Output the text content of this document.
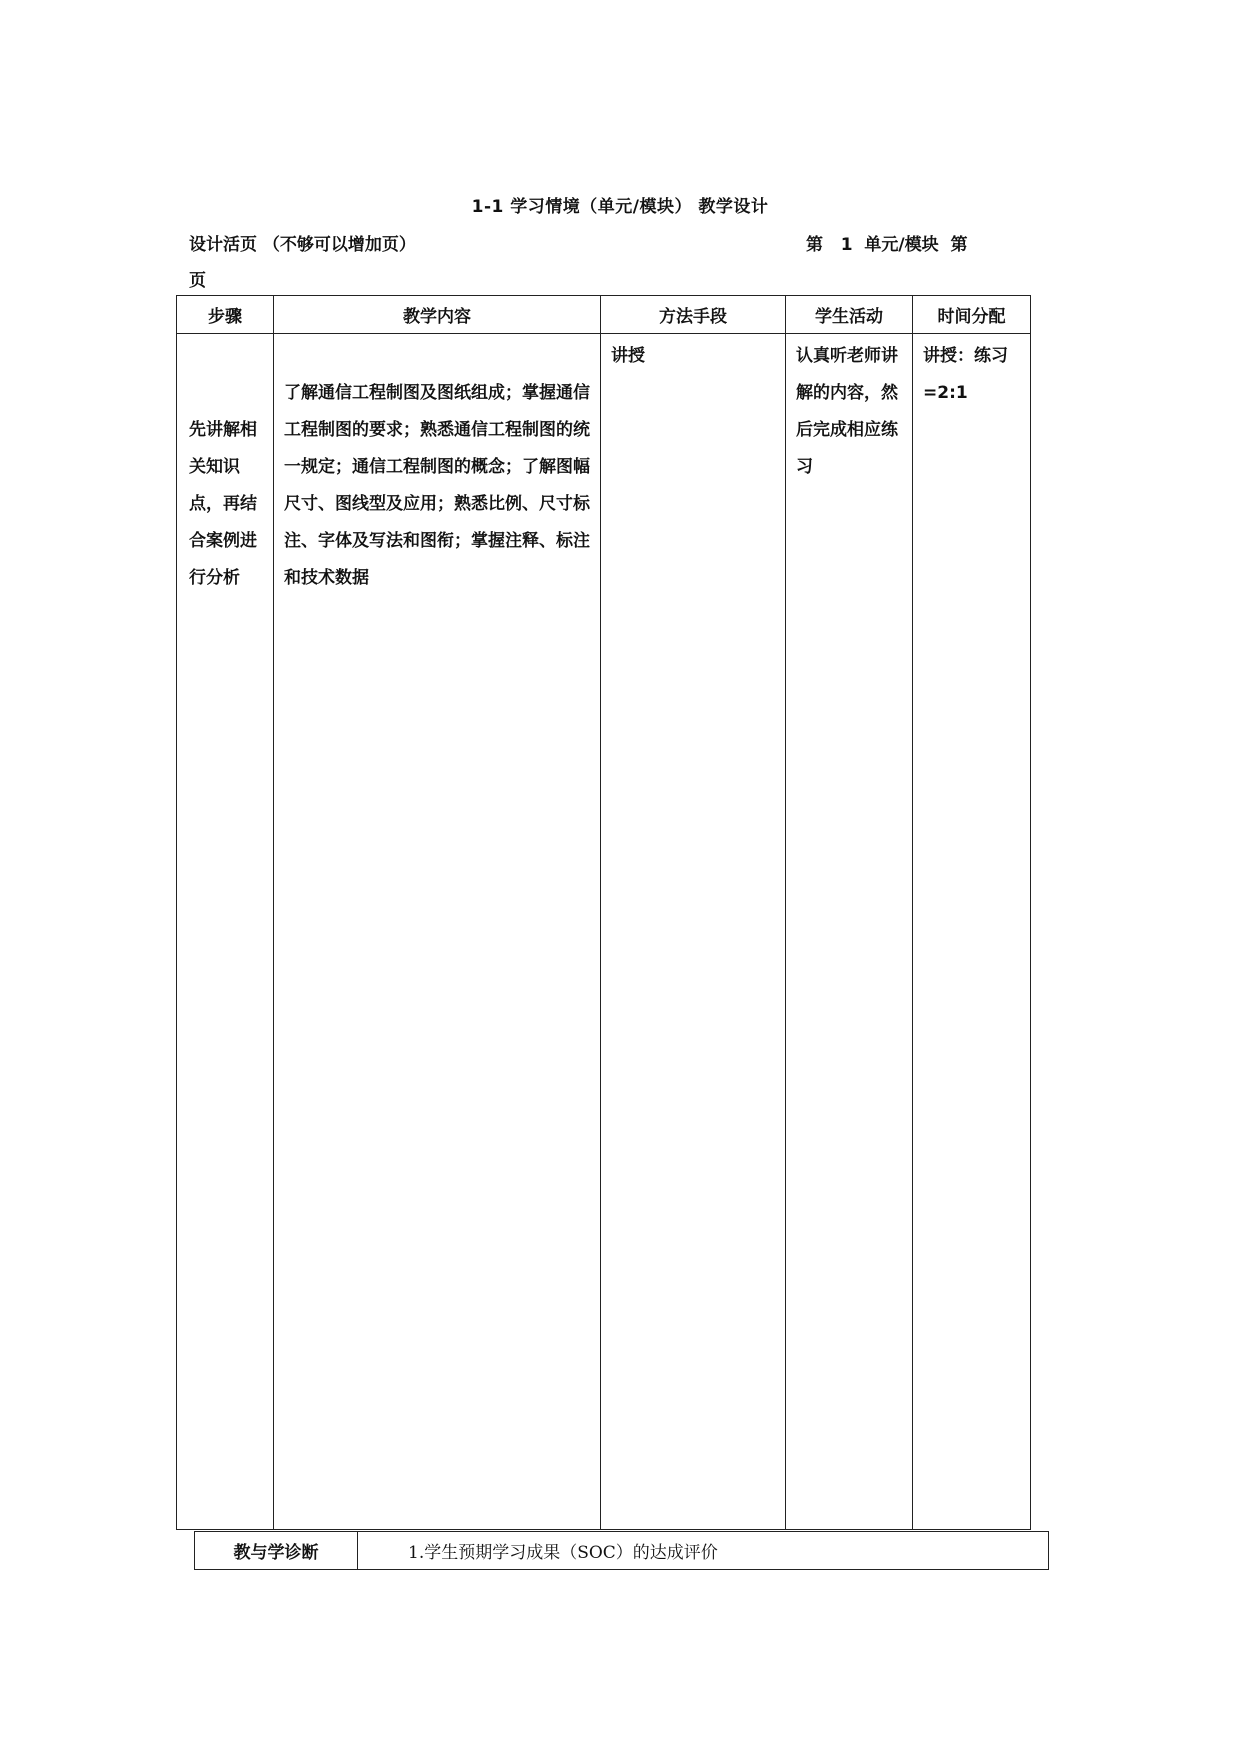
1-1 学习情境（单元/模块） 教学设计
设计活页 （不够可以增加页）	第   1  单元/模块  第
页
步骤	教学内容	方法手段	学生活动	时间分配

先讲解相关知识点，再结合案例进行分析	了解通信工程制图及图纸组成；掌握通信工程制图的要求；熟悉通信工程制图的统一规定；通信工程制图的概念；了解图幅尺寸、图线型及应用；熟悉比例、尺寸标注、字体及写法和图衔；掌握注释、标注和技术数据	讲授	认真听老师讲解的内容，然后完成相应练习	讲授：练习=2:1
教与学诊断	1.学生预期学习成果（SOC）的达成评价
